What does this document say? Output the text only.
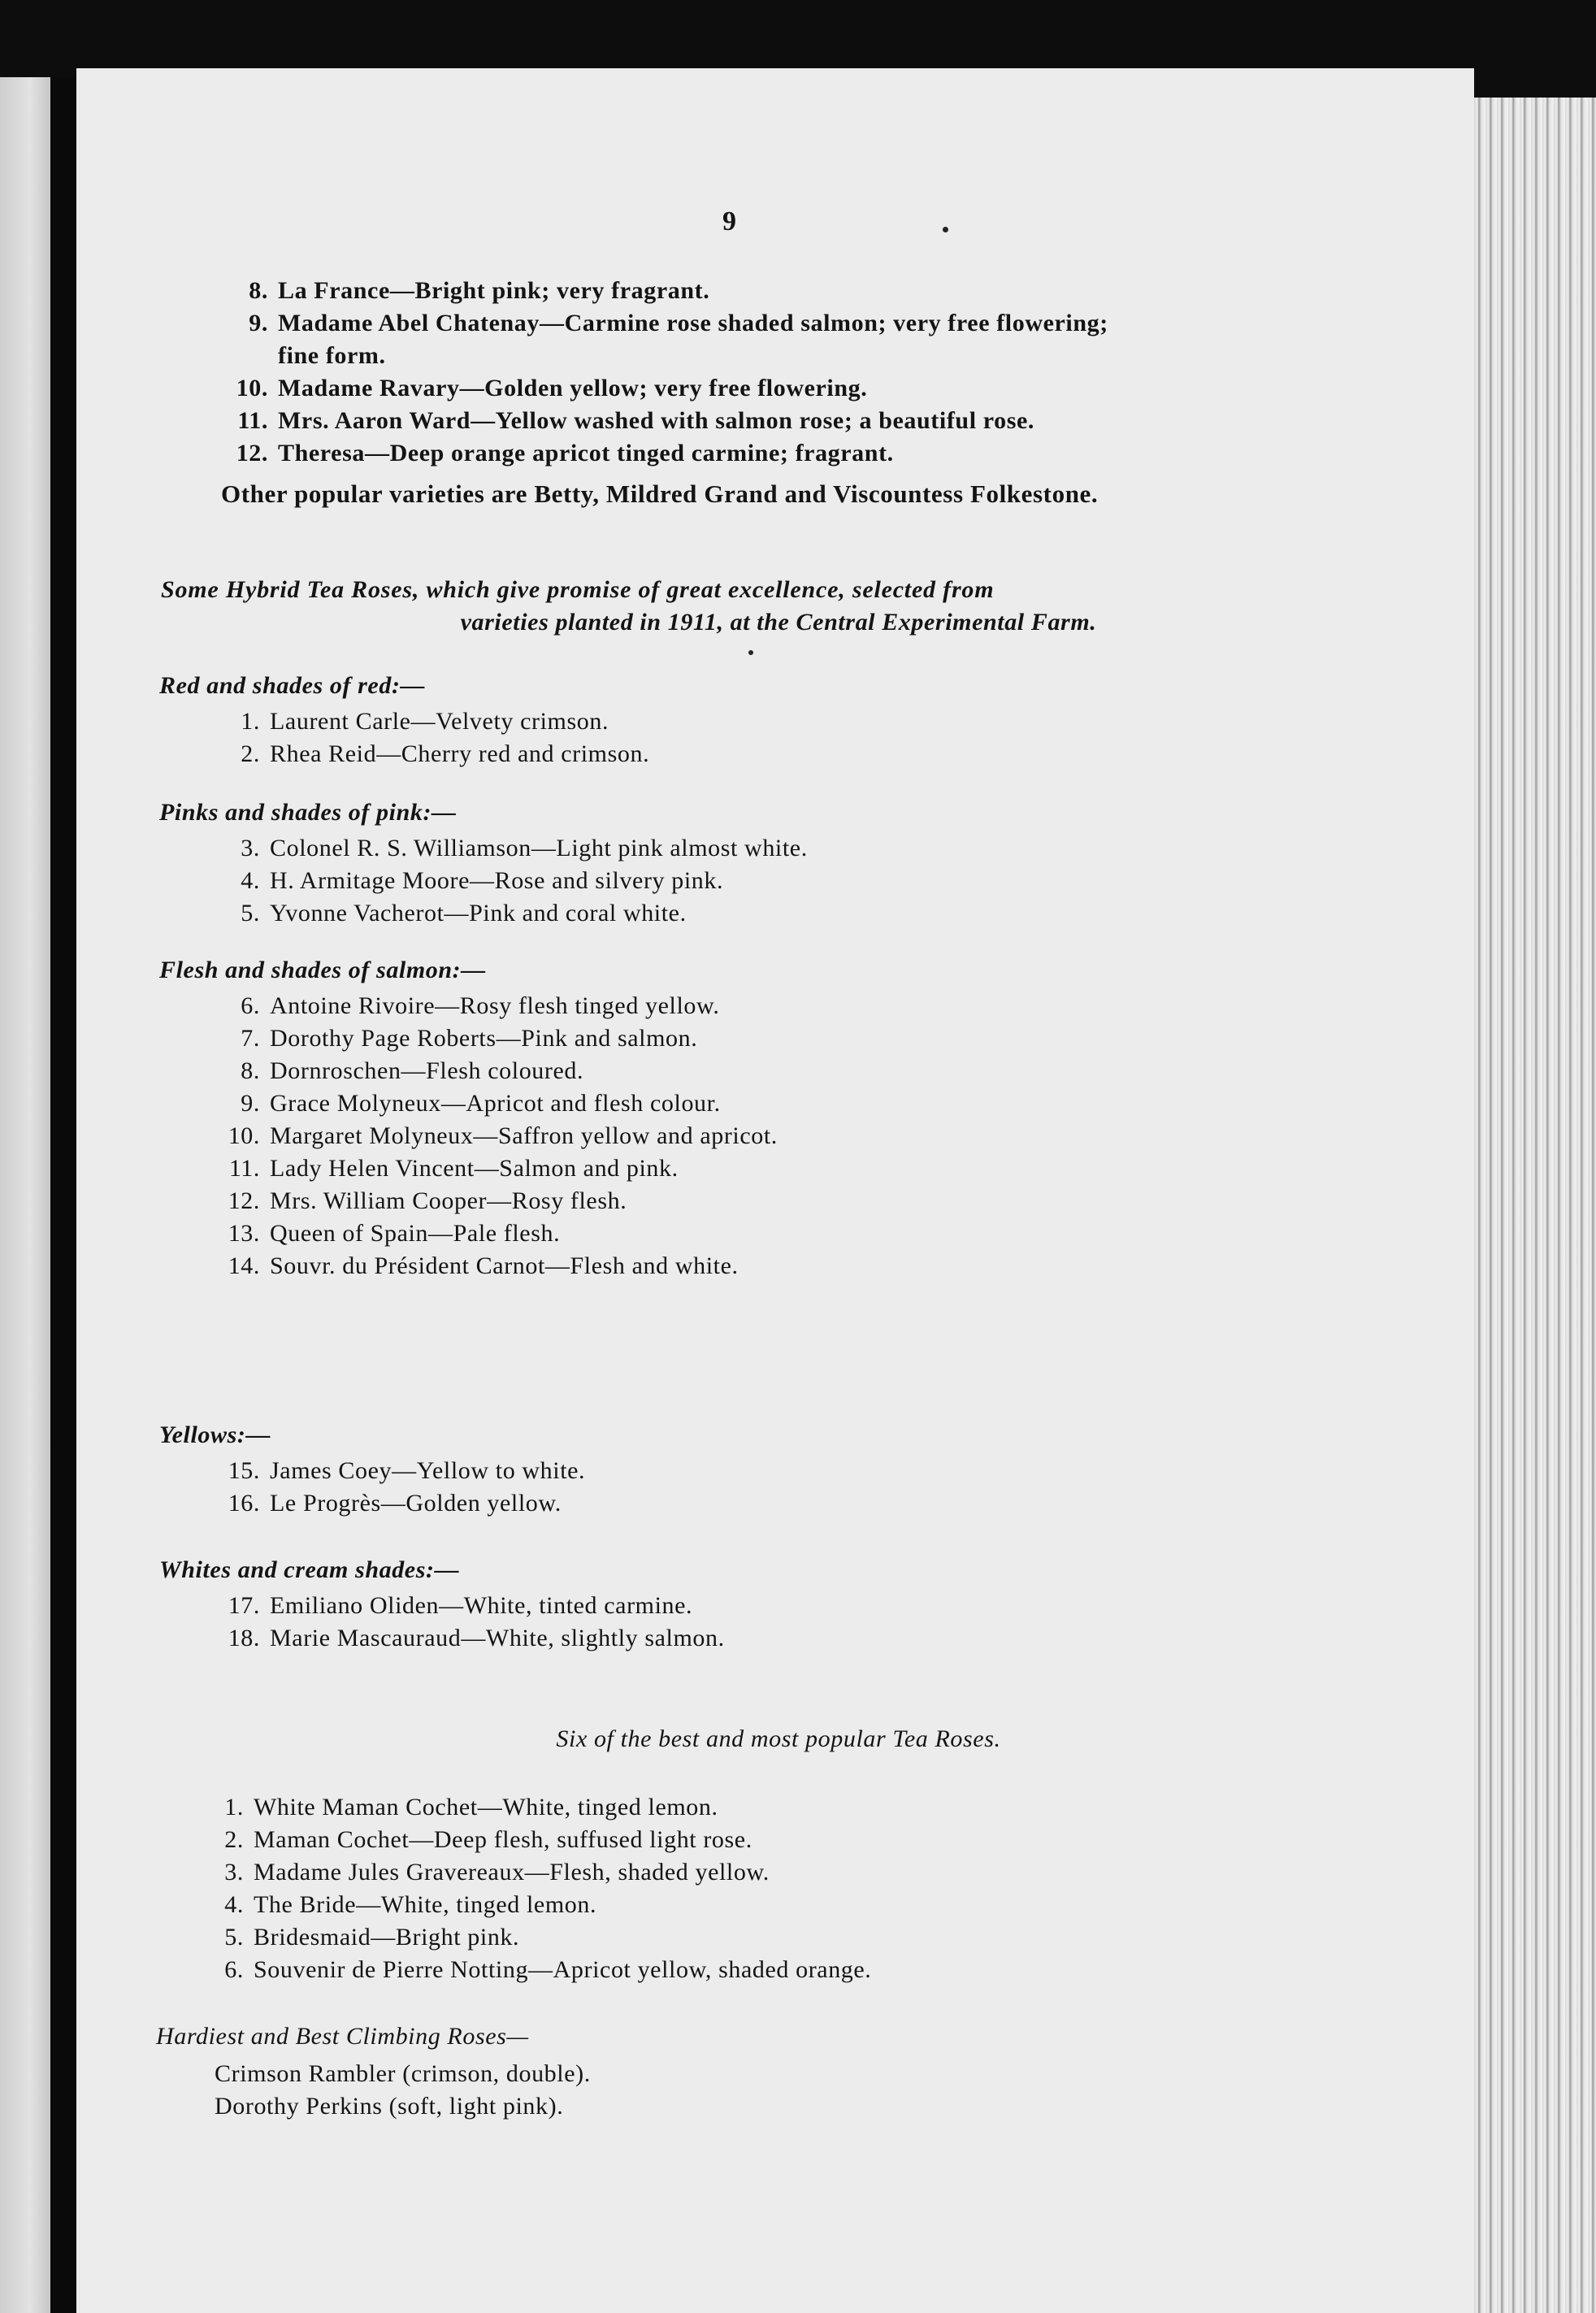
9
8. La France—Bright pink; very fragrant.
9. Madame Abel Chatenay—Carmine rose shaded salmon; very free flowering;
fine form.
10. Madame Ravary—Golden yellow; very free flowering.
11. Mrs. Aaron Ward—Yellow washed with salmon rose; a beautiful rose.
12. Theresa—Deep orange apricot tinged carmine; fragrant.
Other popular varieties are Betty, Mildred Grand and Viscountess Folkestone.
Some Hybrid Tea Roses, which give promise of great excellence, selected from
varieties planted in 1911, at the Central Experimental Farm.
Red and shades of red:—
1. Laurent Carle—Velvety crimson.
2. Rhea Reid—Cherry red and crimson.
Pinks and shades of pink:—
3. Colonel R. S. Williamson—Light pink almost white.
4. H. Armitage Moore—Rose and silvery pink.
5. Yvonne Vacherot—Pink and coral white.
Flesh and shades of salmon:—
6. Antoine Rivoire—Rosy flesh tinged yellow.
7. Dorothy Page Roberts—Pink and salmon.
8. Dornroschen—Flesh coloured.
9. Grace Molyneux—Apricot and flesh colour.
10. Margaret Molyneux—Saffron yellow and apricot.
11. Lady Helen Vincent—Salmon and pink.
12. Mrs. William Cooper—Rosy flesh.
13. Queen of Spain—Pale flesh.
14. Souvr. du Président Carnot—Flesh and white.
Yellows:—
15. James Coey—Yellow to white.
16. Le Progrès—Golden yellow.
Whites and cream shades:—
17. Emiliano Oliden—White, tinted carmine.
18. Marie Mascauraud—White, slightly salmon.
Six of the best and most popular Tea Roses.
1. White Maman Cochet—White, tinged lemon.
2. Maman Cochet—Deep flesh, suffused light rose.
3. Madame Jules Gravereaux—Flesh, shaded yellow.
4. The Bride—White, tinged lemon.
5. Bridesmaid—Bright pink.
6. Souvenir de Pierre Notting—Apricot yellow, shaded orange.
Hardiest and Best Climbing Roses—
Crimson Rambler (crimson, double).
Dorothy Perkins (soft, light pink).
